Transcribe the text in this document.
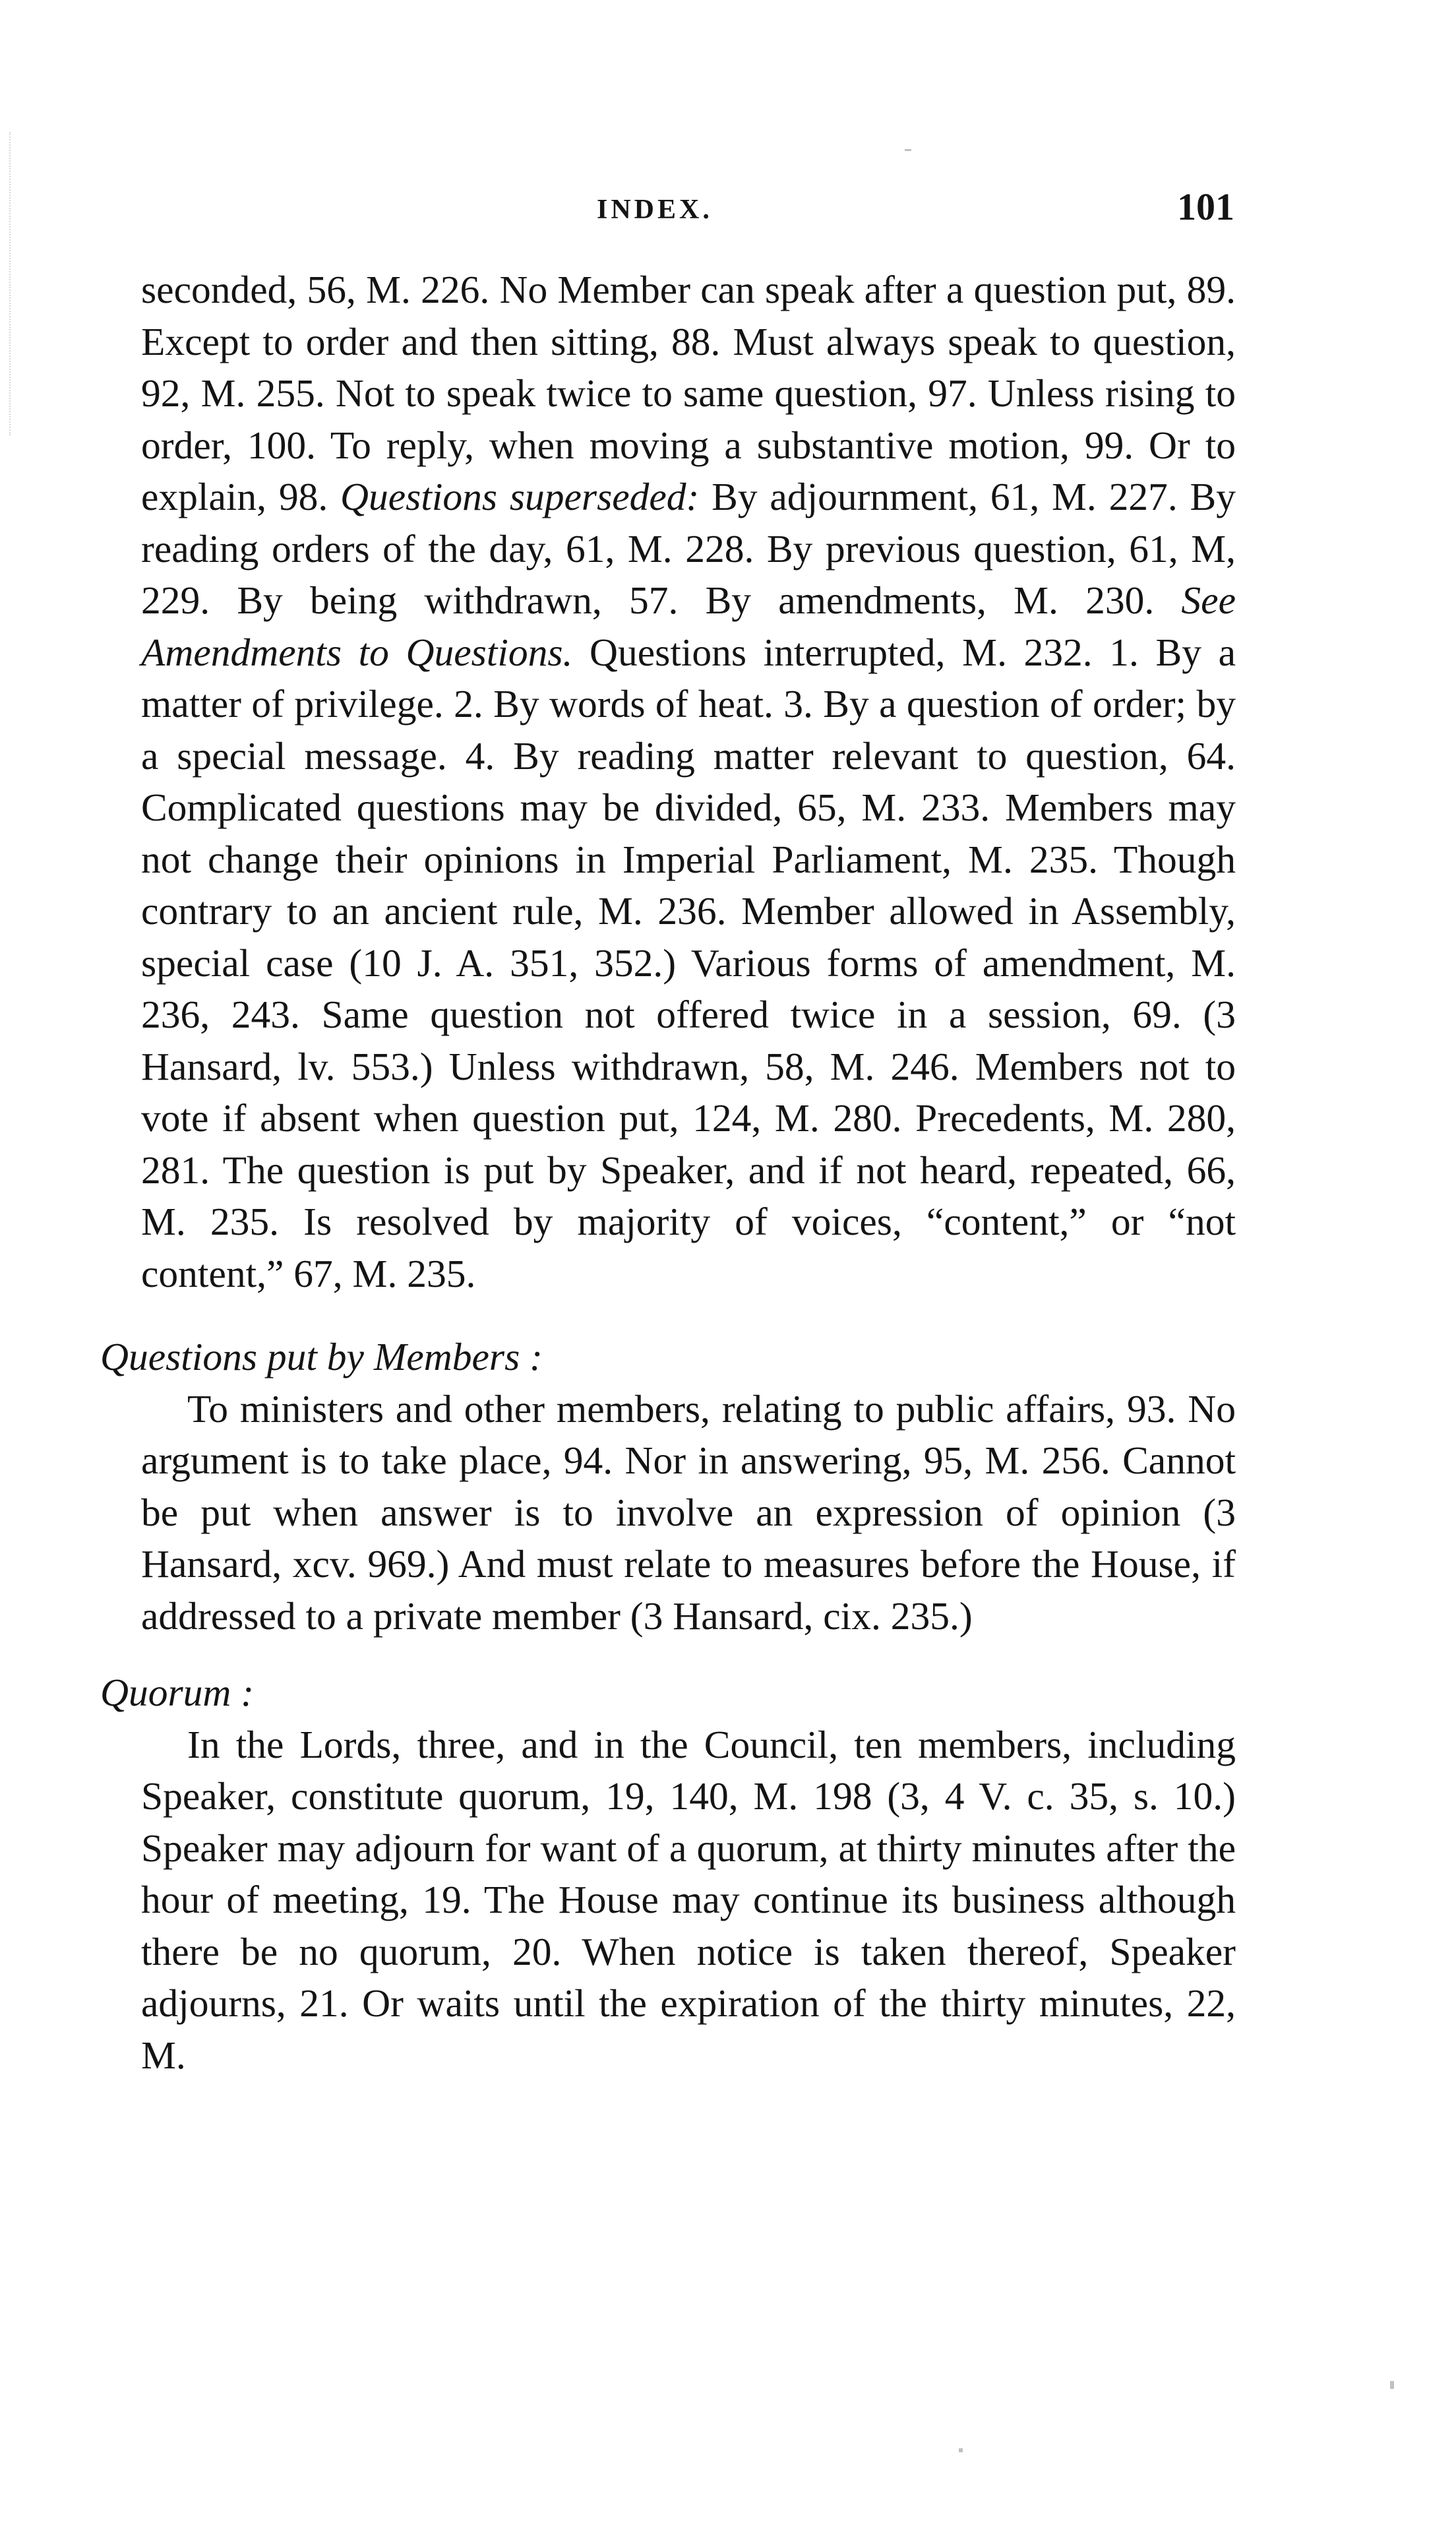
INDEX.	101

seconded, 56, M. 226. No Member can speak after a question put, 89. Except to order and then sitting, 88. Must always speak to question, 92, M. 255. Not to speak twice to same question, 97. Unless rising to order, 100. To reply, when moving a substantive motion, 99. Or to explain, 98. Questions superseded: By adjournment, 61, M. 227. By reading orders of the day, 61, M. 228. By previous question, 61, M, 229. By being withdrawn, 57. By amendments, M. 230. See Amendments to Questions. Questions interrupted, M. 232. 1. By a matter of privilege. 2. By words of heat. 3. By a question of order; by a special message. 4. By reading matter relevant to question, 64. Complicated questions may be divided, 65, M. 233. Members may not change their opinions in Imperial Parliament, M. 235. Though contrary to an ancient rule, M. 236. Member allowed in Assembly, special case (10 J. A. 351, 352.) Various forms of amendment, M. 236, 243. Same question not offered twice in a session, 69. (3 Hansard, lv. 553.) Unless withdrawn, 58, M. 246. Members not to vote if absent when question put, 124, M. 280. Precedents, M. 280, 281. The question is put by Speaker, and if not heard, repeated, 66, M. 235. Is resolved by majority of voices, “content,” or “not content,” 67, M. 235.

Questions put by Members :

To ministers and other members, relating to public affairs, 93. No argument is to take place, 94. Nor in answering, 95, M. 256. Cannot be put when answer is to involve an expression of opinion (3 Hansard, xcv. 969.) And must relate to measures before the House, if addressed to a private member (3 Hansard, cix. 235.)

Quorum :

In the Lords, three, and in the Council, ten members, including Speaker, constitute quorum, 19, 140, M. 198 (3, 4 V. c. 35, s. 10.) Speaker may adjourn for want of a quorum, at thirty minutes after the hour of meeting, 19. The House may continue its business although there be no quorum, 20. When notice is taken thereof, Speaker adjourns, 21. Or waits until the expiration of the thirty minutes, 22, M.
